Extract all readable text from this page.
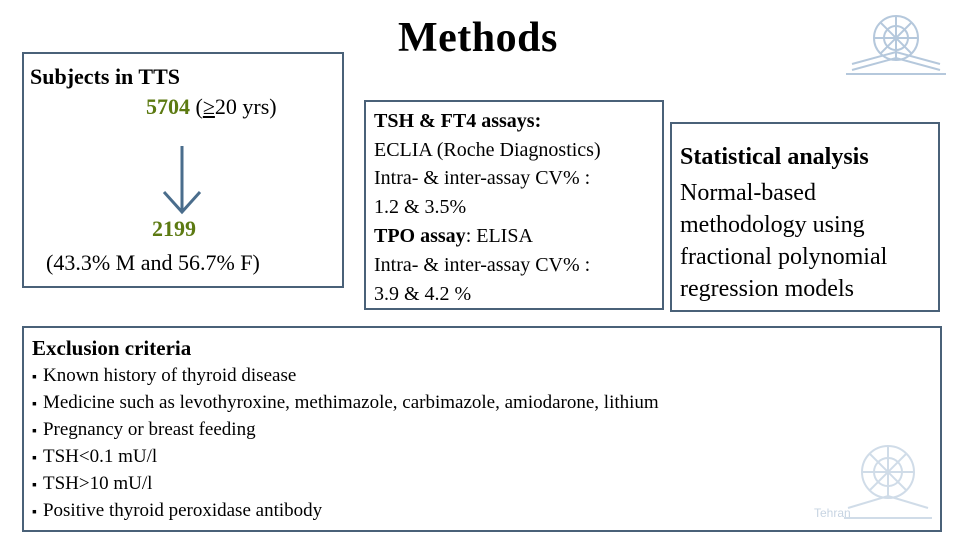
Methods
Subjects in TTS
5704 (≥20 yrs)
2199
(43.3% M and 56.7% F)
TSH & FT4 assays:
ECLIA (Roche Diagnostics)
Intra- & inter-assay CV% :
1.2 & 3.5%
TPO assay: ELISA
Intra- & inter-assay CV% :
3.9 & 4.2 %
Statistical analysis
Normal-based
methodology using
fractional polynomial
regression models
Exclusion criteria
▪ Known history of thyroid disease
▪ Medicine such as levothyroxine, methimazole, carbimazole, amiodarone, lithium
▪ Pregnancy or breast feeding
▪ TSH<0.1 mU/l
▪ TSH>10 mU/l
▪ Positive thyroid peroxidase antibody	Tehran
